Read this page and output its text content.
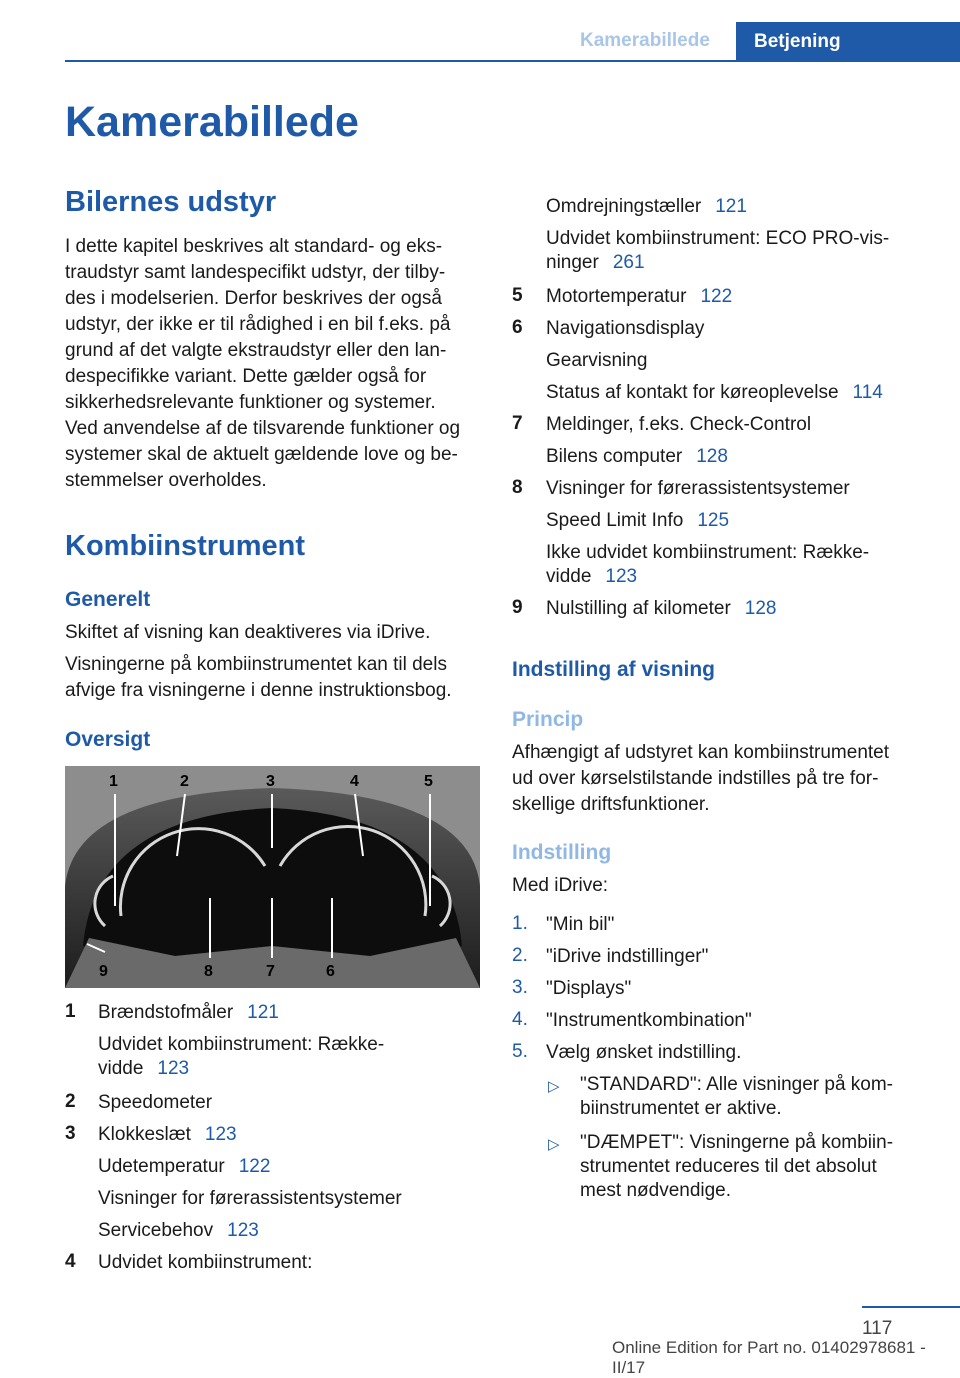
Kamerabillede	Betjening
Kamerabillede
Bilernes udstyr
I dette kapitel beskrives alt standard- og eks-
traudstyr samt landespecifikt udstyr, der tilby-
des i modelserien. Derfor beskrives der også
udstyr, der ikke er til rådighed i en bil f.eks. på
grund af det valgte ekstraudstyr eller den lan-
despecifikke variant. Dette gælder også for
sikkerhedsrelevante funktioner og systemer.
Ved anvendelse af de tilsvarende funktioner og
systemer skal de aktuelt gældende love og be-
stemmelser overholdes.
Kombiinstrument
Generelt
Skiftet af visning kan deaktiveres via iDrive.
Visningerne på kombiinstrumentet kan til dels
afvige fra visningerne i denne instruktionsbog.
Oversigt
1	2	3	4	5
9	8	7	6
1 Brændstofmåler 121
Udvidet kombiinstrument: Række-
vidde 123
2 Speedometer
3 Klokkeslæt 123
Udetemperatur 122
Visninger for førerassistentsystemer
Servicebehov 123
4 Udvidet kombiinstrument:
Omdrejningstæller 121
Udvidet kombiinstrument: ECO PRO-vis-
ninger 261
5 Motortemperatur 122
6 Navigationsdisplay
Gearvisning
Status af kontakt for køreoplevelse 114
7 Meldinger, f.eks. Check-Control
Bilens computer 128
8 Visninger for førerassistentsystemer
Speed Limit Info 125
Ikke udvidet kombiinstrument: Række-
vidde 123
9 Nulstilling af kilometer 128
Indstilling af visning
Princip
Afhængigt af udstyret kan kombiinstrumentet
ud over kørselstilstande indstilles på tre for-
skellige driftsfunktioner.
Indstilling
Med iDrive:
1. "Min bil"
2. "iDrive indstillinger"
3. "Displays"
4. "Instrumentkombination"
5. Vælg ønsket indstilling.
▷ "STANDARD": Alle visninger på kom-
biinstrumentet er aktive.
▷ "DÆMPET": Visningerne på kombiin-
strumentet reduceres til det absolut
mest nødvendige.
117
Online Edition for Part no. 01402978681 - II/17
